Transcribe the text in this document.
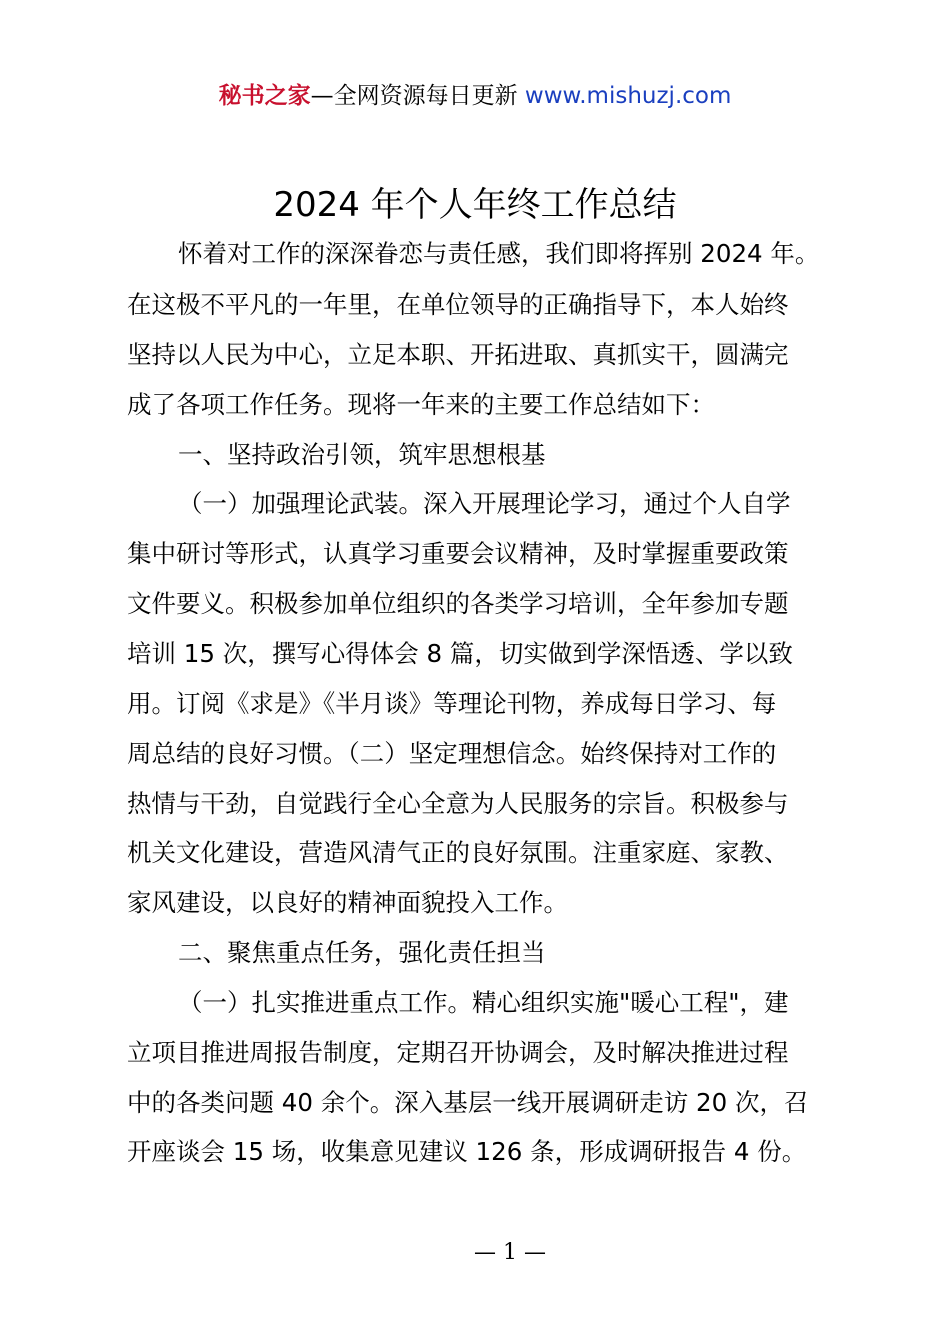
秘书之家—全网资源每日更新 www.mishuzj.com
2024 年个人年终工作总结
怀着对工作的深深眷恋与责任感，我们即将挥别 2024 年。
在这极不平凡的一年里，在单位领导的正确指导下，本人始终
坚持以人民为中心，立足本职、开拓进取、真抓实干，圆满完
成了各项工作任务。现将一年来的主要工作总结如下：
一、坚持政治引领，筑牢思想根基
（一）加强理论武装。深入开展理论学习，通过个人自学
集中研讨等形式，认真学习重要会议精神，及时掌握重要政策
文件要义。积极参加单位组织的各类学习培训，全年参加专题
培训 15 次，撰写心得体会 8 篇，切实做到学深悟透、学以致
用。订阅《求是》《半月谈》等理论刊物，养成每日学习、每
周总结的良好习惯。（二）坚定理想信念。始终保持对工作的
热情与干劲，自觉践行全心全意为人民服务的宗旨。积极参与
机关文化建设，营造风清气正的良好氛围。注重家庭、家教、
家风建设，以良好的精神面貌投入工作。
二、聚焦重点任务，强化责任担当
（一）扎实推进重点工作。精心组织实施"暖心工程"，建
立项目推进周报告制度，定期召开协调会，及时解决推进过程
中的各类问题 40 余个。深入基层一线开展调研走访 20 次，召
开座谈会 15 场，收集意见建议 126 条，形成调研报告 4 份。
— 1 —
